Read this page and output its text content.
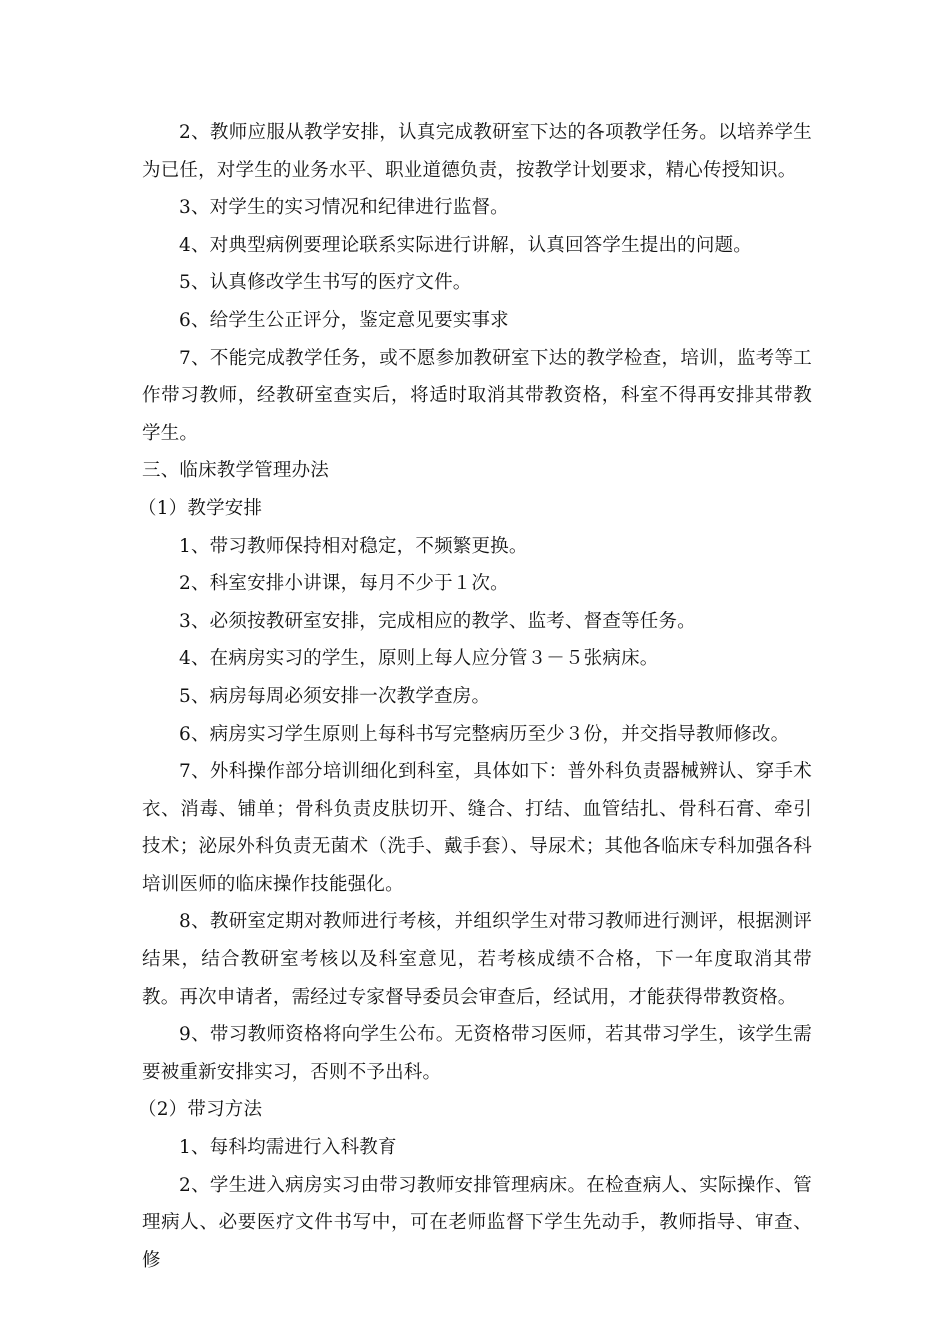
2、教师应服从教学安排，认真完成教研室下达的各项教学任务。以培养学生为已任，对学生的业务水平、职业道德负责，按教学计划要求，精心传授知识。

3、对学生的实习情况和纪律进行监督。

4、对典型病例要理论联系实际进行讲解，认真回答学生提出的问题。

5、认真修改学生书写的医疗文件。

6、给学生公正评分，鉴定意见要实事求

7、不能完成教学任务，或不愿参加教研室下达的教学检查，培训，监考等工作带习教师，经教研室查实后，将适时取消其带教资格，科室不得再安排其带教学生。

三、临床教学管理办法

（1）教学安排

1、带习教师保持相对稳定，不频繁更换。

2、科室安排小讲课，每月不少于１次。

3、必须按教研室安排，完成相应的教学、监考、督查等任务。

4、在病房实习的学生，原则上每人应分管３－５张病床。

5、病房每周必须安排一次教学查房。

6、病房实习学生原则上每科书写完整病历至少３份，并交指导教师修改。

7、外科操作部分培训细化到科室，具体如下：普外科负责器械辨认、穿手术衣、消毒、铺单；骨科负责皮肤切开、缝合、打结、血管结扎、骨科石膏、牵引技术；泌尿外科负责无菌术（洗手、戴手套）、导尿术；其他各临床专科加强各科培训医师的临床操作技能强化。

8、教研室定期对教师进行考核，并组织学生对带习教师进行测评，根据测评结果，结合教研室考核以及科室意见，若考核成绩不合格，下一年度取消其带教。再次申请者，需经过专家督导委员会审查后，经试用，才能获得带教资格。

9、带习教师资格将向学生公布。无资格带习医师，若其带习学生，该学生需要被重新安排实习，否则不予出科。

（2）带习方法

1、每科均需进行入科教育

2、学生进入病房实习由带习教师安排管理病床。在检查病人、实际操作、管理病人、必要医疗文件书写中，可在老师监督下学生先动手，教师指导、审查、修
